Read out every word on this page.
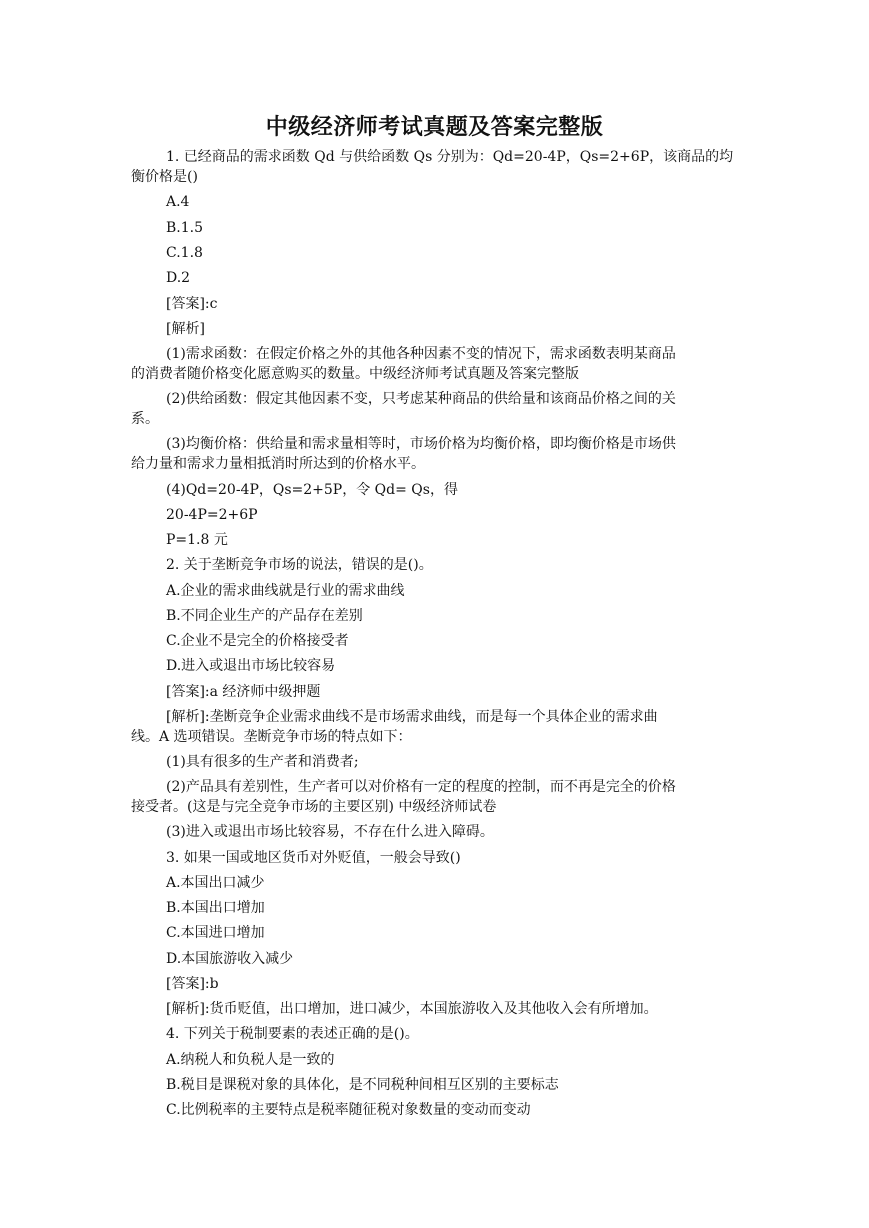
中级经济师考试真题及答案完整版
1. 已经商品的需求函数 Qd 与供给函数 Qs 分别为：Qd=20-4P，Qs=2+6P，该商品的均
衡价格是()
A.4
B.1.5
C.1.8
D.2
[答案]:c
[解析]
(1)需求函数：在假定价格之外的其他各种因素不变的情况下，需求函数表明某商品
的消费者随价格变化愿意购买的数量。中级经济师考试真题及答案完整版
(2)供给函数：假定其他因素不变，只考虑某种商品的供给量和该商品价格之间的关
系。
(3)均衡价格：供给量和需求量相等时，市场价格为均衡价格，即均衡价格是市场供
给力量和需求力量相抵消时所达到的价格水平。
(4)Qd=20-4P，Qs=2+5P，令 Qd= Qs，得
20-4P=2+6P
P=1.8 元
2. 关于垄断竞争市场的说法，错误的是()。
A.企业的需求曲线就是行业的需求曲线
B.不同企业生产的产品存在差别
C.企业不是完全的价格接受者
D.进入或退出市场比较容易
[答案]:a 经济师中级押题
[解析]:垄断竞争企业需求曲线不是市场需求曲线，而是每一个具体企业的需求曲
线。A 选项错误。垄断竞争市场的特点如下：
(1)具有很多的生产者和消费者;
(2)产品具有差别性，生产者可以对价格有一定的程度的控制，而不再是完全的价格
接受者。(这是与完全竞争市场的主要区别) 中级经济师试卷
(3)进入或退出市场比较容易，不存在什么进入障碍。
3. 如果一国或地区货币对外贬值，一般会导致()
A.本国出口减少
B.本国出口增加
C.本国进口增加
D.本国旅游收入减少
[答案]:b
[解析]:货币贬值，出口增加，进口减少，本国旅游收入及其他收入会有所增加。
4. 下列关于税制要素的表述正确的是()。
A.纳税人和负税人是一致的
B.税目是课税对象的具体化，是不同税种间相互区别的主要标志
C.比例税率的主要特点是税率随征税对象数量的变动而变动
